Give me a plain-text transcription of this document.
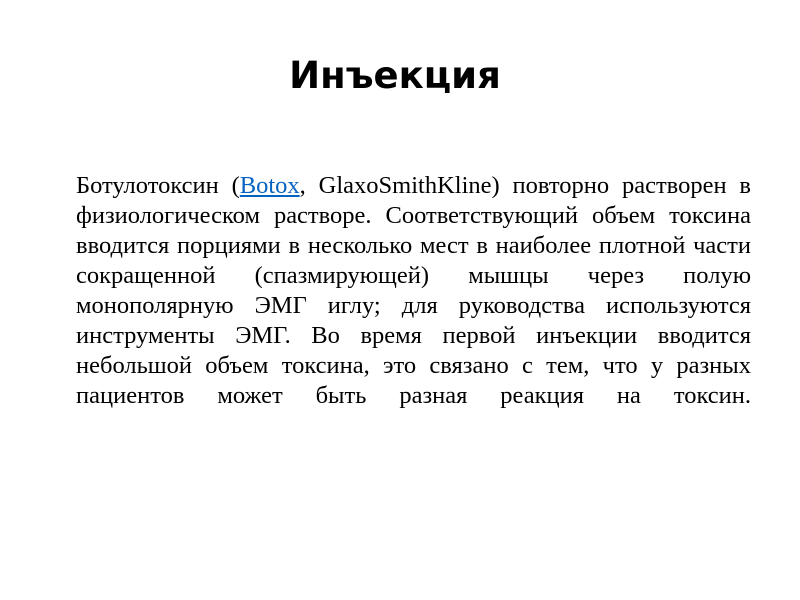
Инъекция

Ботулотоксин (Botox, GlaxoSmithKline) повторно растворен в физиологическом растворе. Соответствующий объем токсина вводится порциями в несколько мест в наиболее плотной части сокращенной (спазмирующей) мышцы через полую монополярную ЭМГ иглу; для руководства используются инструменты ЭМГ. Во время первой инъекции вводится небольшой объем токсина, это связано с тем, что у разных пациентов может быть разная реакция на токсин.
